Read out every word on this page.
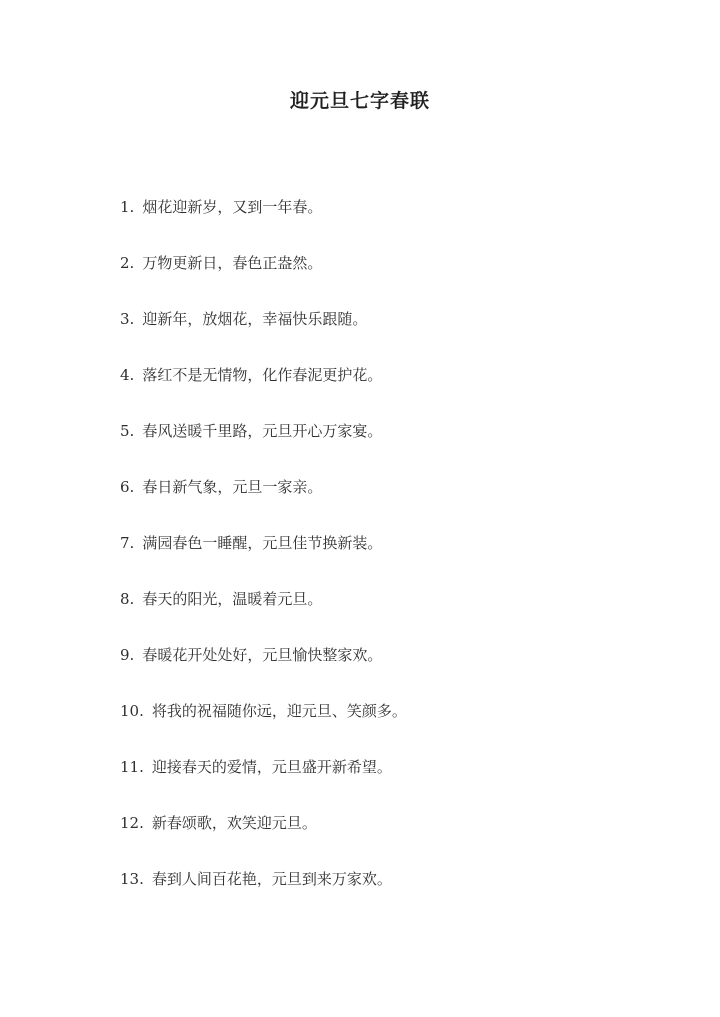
迎元旦七字春联
1. 烟花迎新岁，又到一年春。
2. 万物更新日，春色正盎然。
3. 迎新年，放烟花，幸福快乐跟随。
4. 落红不是无情物，化作春泥更护花。
5. 春风送暖千里路，元旦开心万家宴。
6. 春日新气象，元旦一家亲。
7. 满园春色一睡醒，元旦佳节换新装。
8. 春天的阳光，温暖着元旦。
9. 春暖花开处处好，元旦愉快整家欢。
10. 将我的祝福随你远，迎元旦、笑颜多。
11. 迎接春天的爱情，元旦盛开新希望。
12. 新春颂歌，欢笑迎元旦。
13. 春到人间百花艳，元旦到来万家欢。
